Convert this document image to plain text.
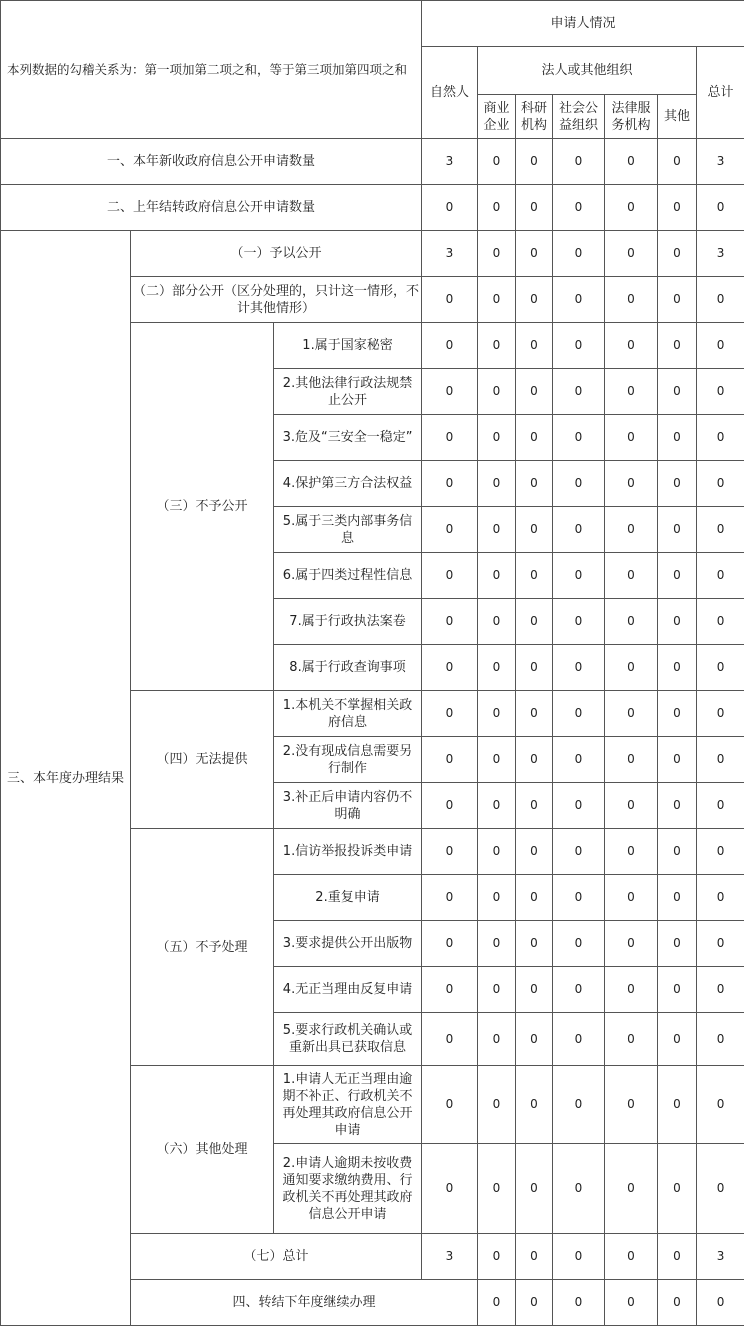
本列数据的勾稽关系为：第一项加第二项之和，等于第三项加第四项之和			申请人情况							
			自然人	法人或其他组织					总计	
				商业企业	科研机构	社会公益组织	法律服务机构	其他		
一、本年新收政府信息公开申请数量			3	0	0	0	0	0	3	
二、上年结转政府信息公开申请数量			0	0	0	0	0	0	0	
三、本年度办理结果	（一）予以公开		3	0	0	0	0	0	3	
	（二）部分公开（区分处理的，只计这一情形，不计其他情形）		0	0	0	0	0	0	0	
	（三）不予公开	1.属于国家秘密	0	0	0	0	0	0	0	
		2.其他法律行政法规禁止公开	0	0	0	0	0	0	0	
		3.危及“三安全一稳定”	0	0	0	0	0	0	0	
		4.保护第三方合法权益	0	0	0	0	0	0	0	
		5.属于三类内部事务信息	0	0	0	0	0	0	0	
		6.属于四类过程性信息	0	0	0	0	0	0	0	
		7.属于行政执法案卷	0	0	0	0	0	0	0	
		8.属于行政查询事项	0	0	0	0	0	0	0	
	（四）无法提供	1.本机关不掌握相关政府信息	0	0	0	0	0	0	0	
		2.没有现成信息需要另行制作	0	0	0	0	0	0	0	
		3.补正后申请内容仍不明确	0	0	0	0	0	0	0	
	（五）不予处理	1.信访举报投诉类申请	0	0	0	0	0	0	0	
		2.重复申请	0	0	0	0	0	0	0	
		3.要求提供公开出版物	0	0	0	0	0	0	0	
		4.无正当理由反复申请	0	0	0	0	0	0	0	
		5.要求行政机关确认或重新出具已获取信息	0	0	0	0	0	0	0	
	（六）其他处理	1.申请人无正当理由逾期不补正、行政机关不再处理其政府信息公开申请	0	0	0	0	0	0	0	
		2.申请人逾期未按收费通知要求缴纳费用、行政机关不再处理其政府信息公开申请	0	0	0	0	0	0	0	
	（七）总计		3	0	0	0	0	0	3	
	四、转结下年度继续办理			0	0	0	0	0	0	
